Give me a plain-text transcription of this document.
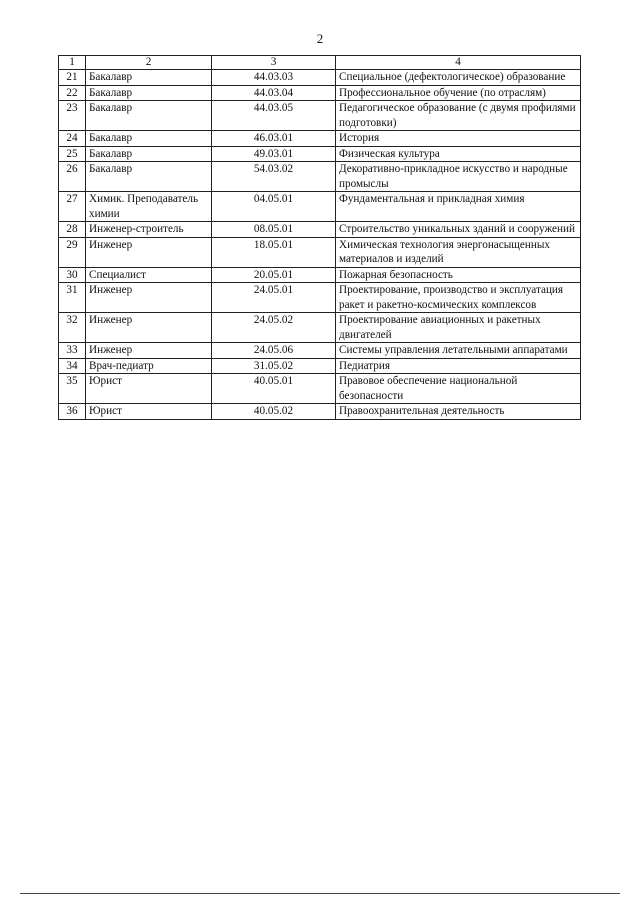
2
1	2	3	4
21	Бакалавр	44.03.03	Специальное (дефектологическое) образование
22	Бакалавр	44.03.04	Профессиональное обучение (по отраслям)
23	Бакалавр	44.03.05	Педагогическое образование (с двумя профилями подготовки)
24	Бакалавр	46.03.01	История
25	Бакалавр	49.03.01	Физическая культура
26	Бакалавр	54.03.02	Декоративно-прикладное искусство и народные промыслы
27	Химик. Преподаватель химии	04.05.01	Фундаментальная и прикладная химия
28	Инженер-строитель	08.05.01	Строительство уникальных зданий и сооружений
29	Инженер	18.05.01	Химическая технология энергонасыщенных материалов и изделий
30	Специалист	20.05.01	Пожарная безопасность
31	Инженер	24.05.01	Проектирование, производство и эксплуатация ракет и ракетно-космических комплексов
32	Инженер	24.05.02	Проектирование авиационных и ракетных двигателей
33	Инженер	24.05.06	Системы управления летательными аппаратами
34	Врач-педиатр	31.05.02	Педиатрия
35	Юрист	40.05.01	Правовое обеспечение национальной безопасности
36	Юрист	40.05.02	Правоохранительная деятельность
